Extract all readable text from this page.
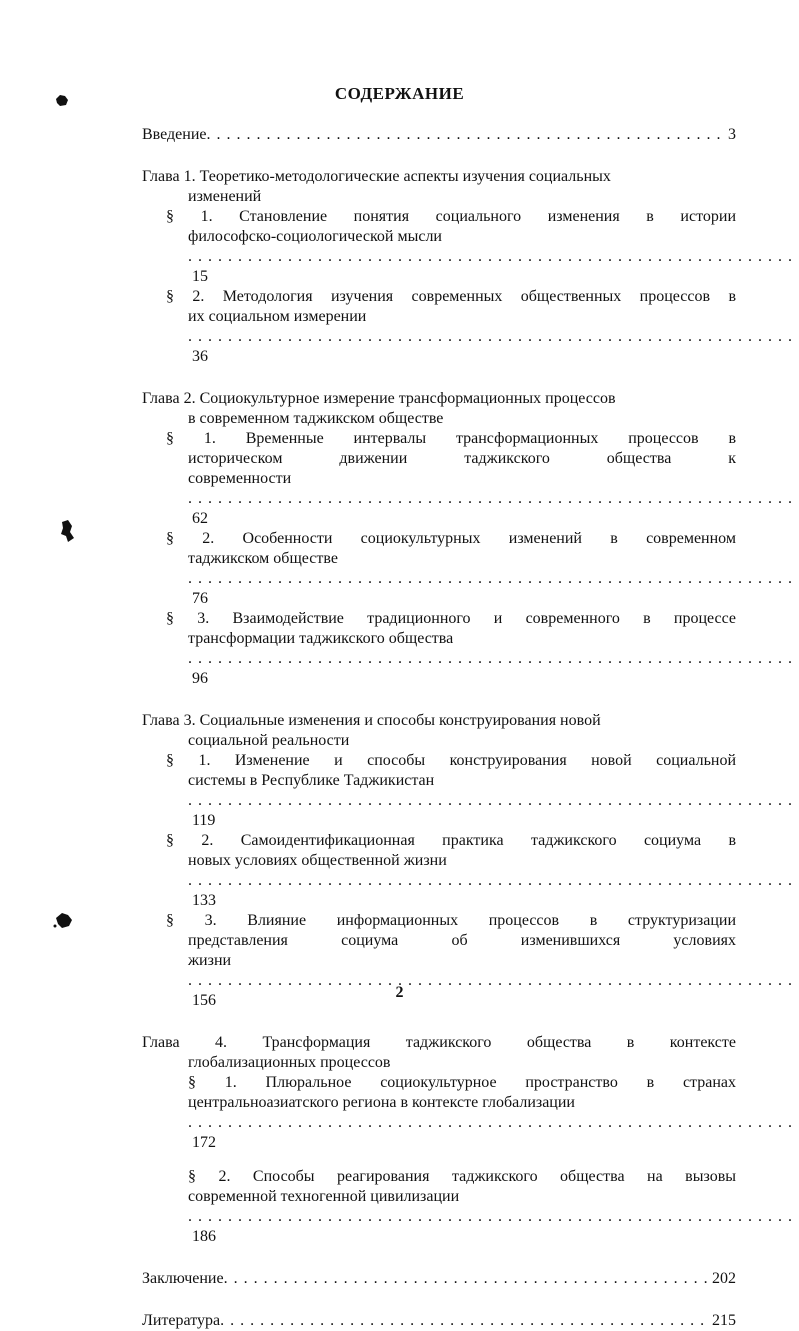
СОДЕРЖАНИЕ
Введение . . .	3
Глава 1. Теоретико-методологические аспекты изучения социальных
изменений
§ 1. Становление понятия социального изменения в истории
философско-социологической мысли . . . 15
§ 2. Методология изучения современных общественных процессов в
их социальном измерении . . . 36
Глава 2. Социокультурное измерение трансформационных процессов
в современном таджикском обществе
§ 1. Временные интервалы трансформационных процессов в
историческом движении таджикского общества к
современности . . . 62
§ 2. Особенности социокультурных изменений в современном
таджикском обществе . . . 76
§ 3. Взаимодействие традиционного и современного в процессе
трансформации таджикского общества . . . 96
Глава 3. Социальные изменения и способы конструирования новой
социальной реальности
§ 1. Изменение и способы конструирования новой социальной
системы в Республике Таджикистан . . . 119
§ 2. Самоидентификационная практика таджикского социума в
новых условиях общественной жизни . . . 133
§ 3. Влияние информационных процессов в структуризации
представления социума об изменившихся условиях
жизни . . . 156
Глава 4. Трансформация таджикского общества в контексте
глобализационных процессов
§ 1. Плюральное социокультурное пространство в странах
центральноазиатского региона в контексте глобализации . . . 172
§ 2. Способы реагирования таджикского общества на вызовы
современной техногенной цивилизации . . . 186
Заключение . . .	202
Литература . . .	215
2
